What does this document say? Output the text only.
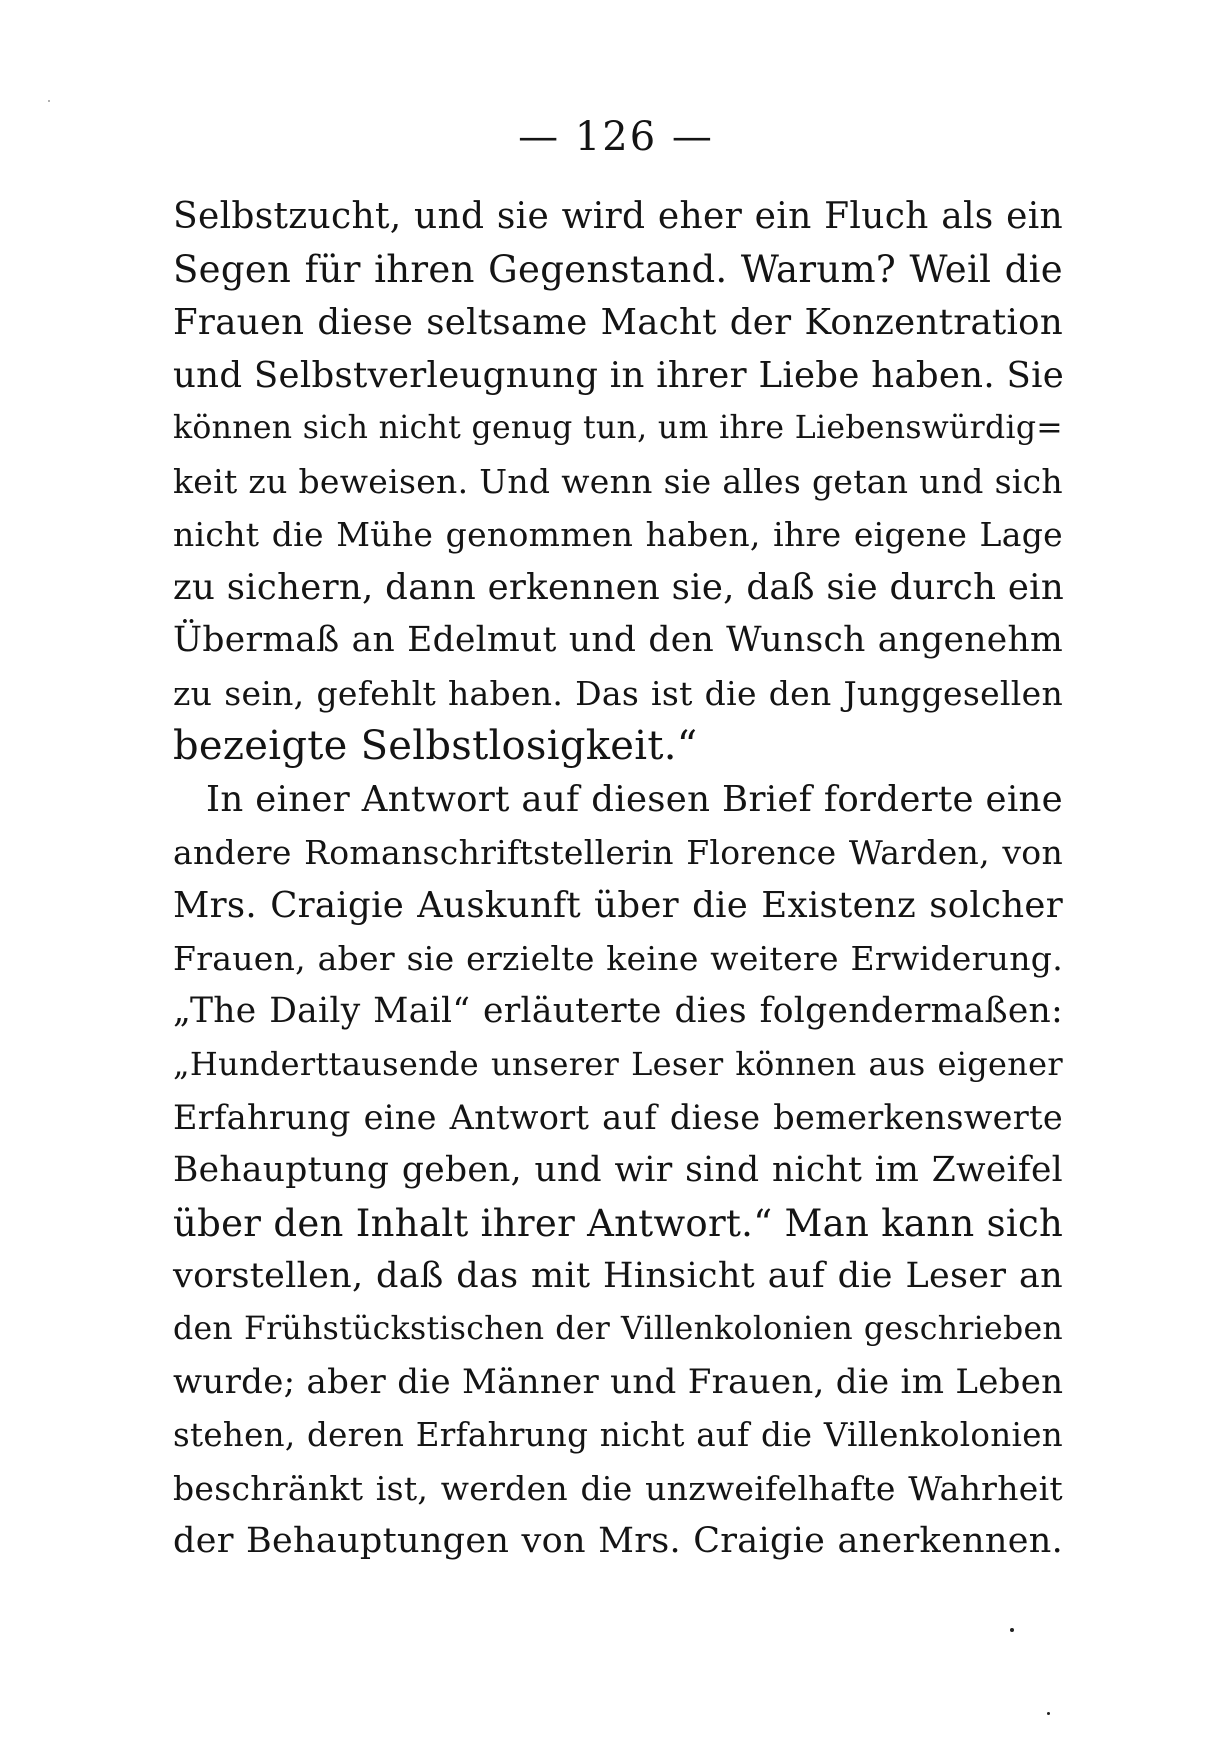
— 126 —
Selbstzucht, und sie wird eher ein Fluch als ein
Segen für ihren Gegenstand. Warum? Weil die
Frauen diese seltsame Macht der Konzentration
und Selbstverleugnung in ihrer Liebe haben. Sie
können sich nicht genug tun, um ihre Liebenswürdig=
keit zu beweisen. Und wenn sie alles getan und sich
nicht die Mühe genommen haben, ihre eigene Lage
zu sichern, dann erkennen sie, daß sie durch ein
Übermaß an Edelmut und den Wunsch angenehm
zu sein, gefehlt haben. Das ist die den Junggesellen
bezeigte Selbstlosigkeit.“
In einer Antwort auf diesen Brief forderte eine
andere Romanschriftstellerin Florence Warden, von
Mrs. Craigie Auskunft über die Existenz solcher
Frauen, aber sie erzielte keine weitere Erwiderung.
„The Daily Mail“ erläuterte dies folgendermaßen:
„Hunderttausende unserer Leser können aus eigener
Erfahrung eine Antwort auf diese bemerkenswerte
Behauptung geben, und wir sind nicht im Zweifel
über den Inhalt ihrer Antwort.“ Man kann sich
vorstellen, daß das mit Hinsicht auf die Leser an
den Frühstückstischen der Villenkolonien geschrieben
wurde; aber die Männer und Frauen, die im Leben
stehen, deren Erfahrung nicht auf die Villenkolonien
beschränkt ist, werden die unzweifelhafte Wahrheit
der Behauptungen von Mrs. Craigie anerkennen.
